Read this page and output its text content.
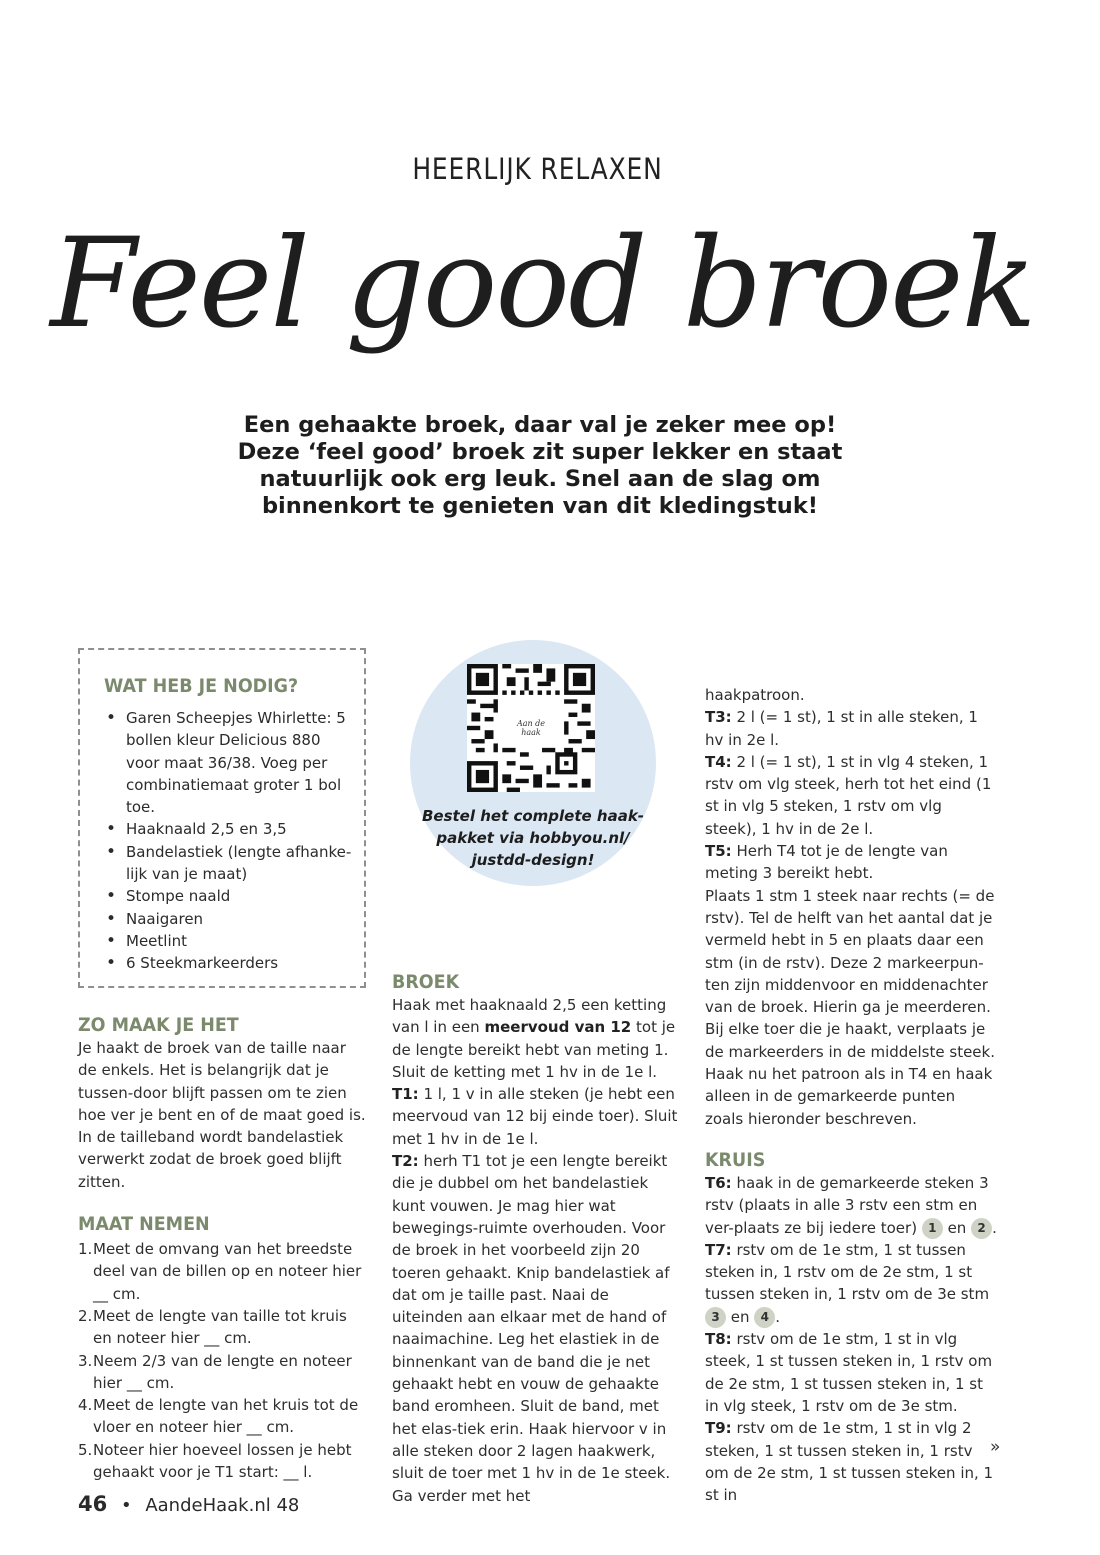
HEERLIJK RELAXEN
Feel good broek
Een gehaakte broek, daar val je zeker mee op!
Deze ‘feel good’ broek zit super lekker en staat
natuurlijk ook erg leuk. Snel aan de slag om
binnenkort te genieten van dit kledingstuk!
WAT HEB JE NODIG?
• Garen Scheepjes Whirlette: 5 bollen kleur Delicious 880 voor maat 36/38. Voeg per combinatiemaat groter 1 bol toe.
• Haaknaald 2,5 en 3,5
• Bandelastiek (lengte afhanke-lijk van je maat)
• Stompe naald
• Naaigaren
• Meetlint
• 6 Steekmarkeerders
ZO MAAK JE HET

Je haakt de broek van de taille naar de enkels. Het is belangrijk dat je tussen-door blijft passen om te zien hoe ver je bent en of de maat goed is. In de tailleband wordt bandelastiek verwerkt zodat de broek goed blijft zitten.

MAAT NEMEN
1. Meet de omvang van het breedste deel van de billen op en noteer hier __ cm.
2. Meet de lengte van taille tot kruis en noteer hier __ cm.
3. Neem 2/3 van de lengte en noteer hier __ cm.
4. Meet de lengte van het kruis tot de vloer en noteer hier __ cm.
5. Noteer hier hoeveel lossen je hebt gehaakt voor je T1 start: __ l.
Aan de haak
Bestel het complete haak-pakket via hobbyou.nl/ justdd-design!
BROEK

Haak met haaknaald 2,5 een ketting van l in een meervoud van 12 tot je de lengte bereikt hebt van meting 1. Sluit de ketting met 1 hv in de 1e l.

T1: 1 l, 1 v in alle steken (je hebt een meervoud van 12 bij einde toer). Sluit met 1 hv in de 1e l.

T2: herh T1 tot je een lengte bereikt die je dubbel om het bandelastiek kunt vouwen. Je mag hier wat bewegings-ruimte overhouden. Voor de broek in het voorbeeld zijn 20 toeren gehaakt. Knip bandelastiek af dat om je taille past. Naai de uiteinden aan elkaar met de hand of naaimachine. Leg het elastiek in de binnenkant van de band die je net gehaakt hebt en vouw de gehaakte band eromheen. Sluit de band, met het elas-tiek erin. Haak hiervoor v in alle steken door 2 lagen haakwerk, sluit de toer met 1 hv in de 1e steek. Ga verder met het

haakpatroon.

T3: 2 l (= 1 st), 1 st in alle steken, 1 hv in 2e l.

T4: 2 l (= 1 st), 1 st in vlg 4 steken, 1 rstv om vlg steek, herh tot het eind (1 st in vlg 5 steken, 1 rstv om vlg steek), 1 hv in de 2e l.

T5: Herh T4 tot je de lengte van meting 3 bereikt hebt.

Plaats 1 stm 1 steek naar rechts (= de rstv). Tel de helft van het aantal dat je vermeld hebt in 5 en plaats daar een stm (in de rstv). Deze 2 markeerpun-ten zijn middenvoor en middenachter van de broek. Hierin ga je meerderen. Bij elke toer die je haakt, verplaats je de markeerders in de middelste steek. Haak nu het patroon als in T4 en haak alleen in de gemarkeerde punten zoals hieronder beschreven.

KRUIS

T6: haak in de gemarkeerde steken 3 rstv (plaats in alle 3 rstv een stm en ver-plaats ze bij iedere toer) 1 en 2 .

T7: rstv om de 1e stm, 1 st tussen steken in, 1 rstv om de 2e stm, 1 st tussen steken in, 1 rstv om de 3e stm 3 en 4 .

T8: rstv om de 1e stm, 1 st in vlg steek, 1 st tussen steken in, 1 rstv om de 2e stm, 1 st tussen steken in, 1 st in vlg steek, 1 rstv om de 3e stm.

T9: rstv om de 1e stm, 1 st in vlg 2 steken, 1 st tussen steken in, 1 rstv om de 2e stm, 1 st tussen steken in, 1 st in

»
46 • AandeHaak.nl 48
